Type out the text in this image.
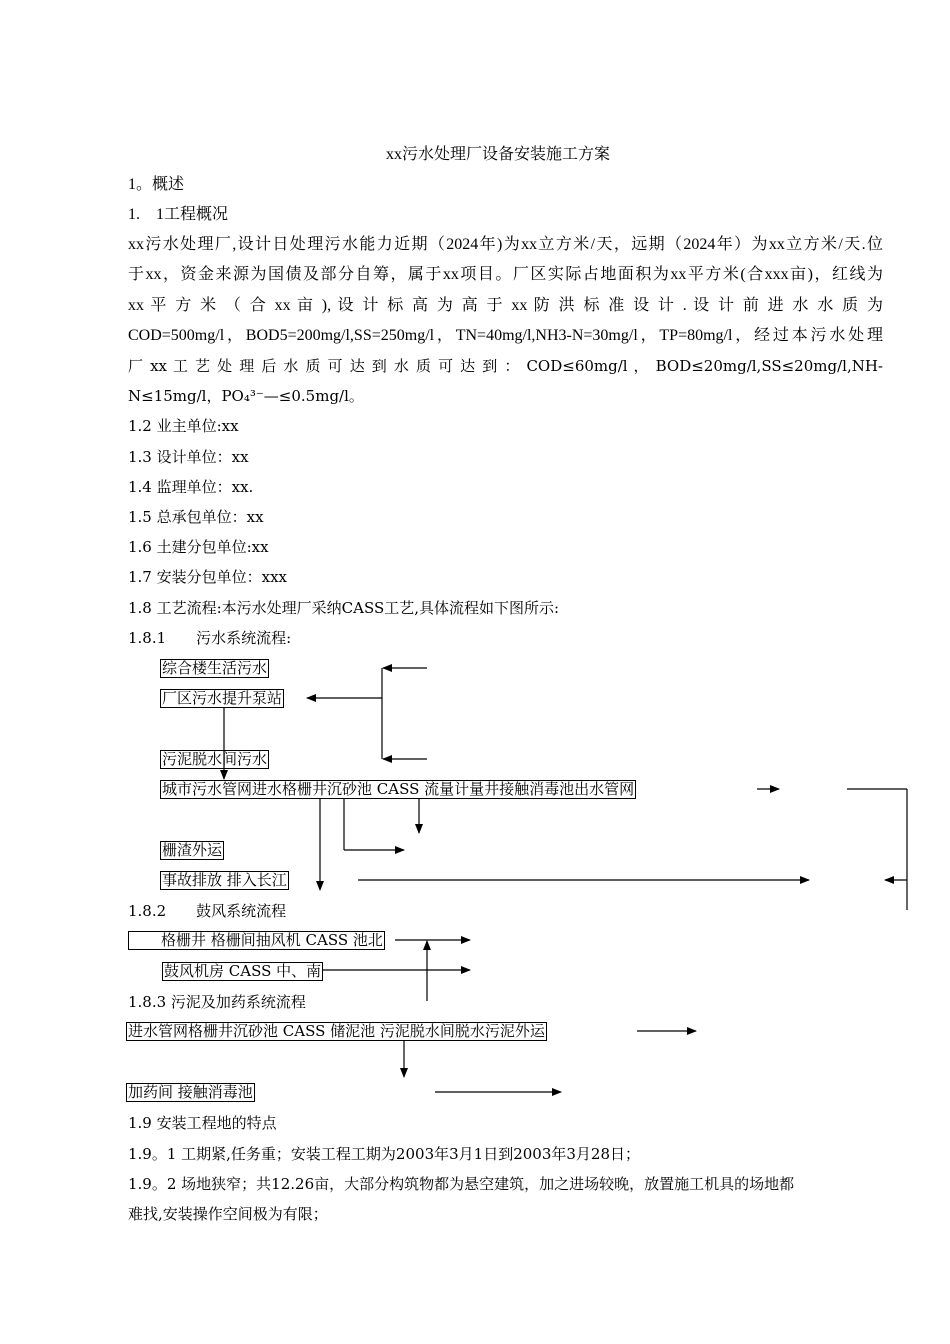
xx污水处理厂设备安装施工方案
1。概述
1.　1工程概况
xx污水处理厂,设计日处理污水能力近期（2024年)为xx立方米/天，远期（2024年）为xx立方米/天.位
于xx，资金来源为国债及部分自筹，属于xx项目。厂区实际占地面积为xx平方米(合xxx亩)，红线为
xx 平 方 米 （ 合 xx 亩 ), 设 计 标 高 为 高 于 xx 防 洪 标 准 设 计 . 设 计 前 进 水 水 质 为
COD=500mg/l，BOD5=200mg/l,SS=250mg/l，TN=40mg/l,NH3-N=30mg/l，TP=80mg/l，经过本污水处理
厂 xx 工 艺 处 理 后 水 质 可 达 到 水 质 可 达 到 ： COD≤60mg/l ， BOD≤20mg/l,SS≤20mg/l,NH-
N≤15mg/l，PO₄³⁻—≤0.5mg/l。
1.2 业主单位:xx
1.3 设计单位：xx
1.4 监理单位：xx.
1.5 总承包单位：xx
1.6 土建分包单位:xx
1.7 安装分包单位：xxx
1.8 工艺流程:本污水处理厂采纳CASS工艺,具体流程如下图所示:
1.8.1　　污水系统流程:
综合楼生活污水
厂区污水提升泵站
污泥脱水间污水
城市污水管网进水格栅井沉砂池 CASS 流量计量井接触消毒池出水管网
栅渣外运
事故排放 排入长江
1.8.2　　鼓风系统流程
格栅井 格栅间抽风机 CASS 池北
鼓风机房 CASS 中、南
1.8.3 污泥及加药系统流程
进水管网格栅井沉砂池 CASS 储泥池 污泥脱水间脱水污泥外运
加药间 接触消毒池
1.9 安装工程地的特点
1.9。1 工期紧,任务重；安装工程工期为2003年3月1日到2003年3月28日；
1.9。2 场地狭窄；共12.26亩，大部分构筑物都为悬空建筑，加之进场较晚，放置施工机具的场地都
难找,安装操作空间极为有限；
